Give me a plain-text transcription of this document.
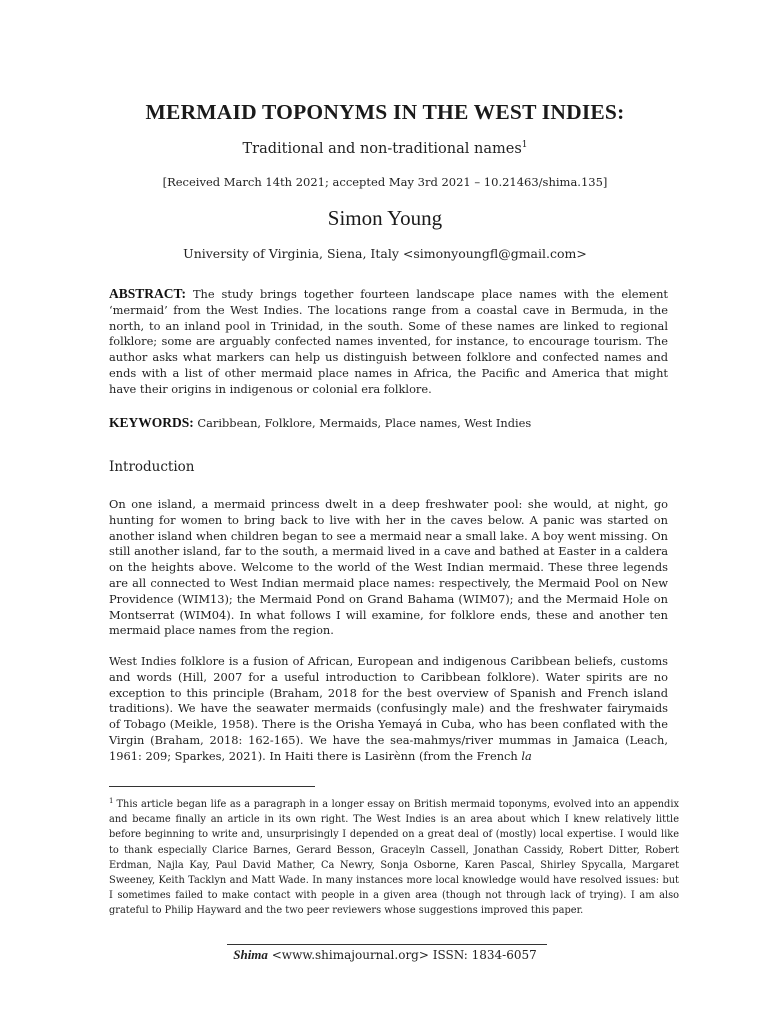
MERMAID TOPONYMS IN THE WEST INDIES:
Traditional and non-traditional names$^1$
[Received March 14th 2021; accepted May 3rd 2021 – 10.21463/shima.135]
Simon Young
University of Virginia, Siena, Italy <simonyoungfl@gmail.com>
ABSTRACT: The study brings together fourteen landscape place names with the element ‘mermaid’ from the West Indies. The locations range from a coastal cave in Bermuda, in the north, to an inland pool in Trinidad, in the south. Some of these names are linked to regional folklore; some are arguably confected names invented, for instance, to encourage tourism. The author asks what markers can help us distinguish between folklore and confected names and ends with a list of other mermaid place names in Africa, the Pacific and America that might have their origins in indigenous or colonial era folklore.
KEYWORDS: Caribbean, Folklore, Mermaids, Place names, West Indies
Introduction
On one island, a mermaid princess dwelt in a deep freshwater pool: she would, at night, go hunting for women to bring back to live with her in the caves below. A panic was started on another island when children began to see a mermaid near a small lake. A boy went missing. On still another island, far to the south, a mermaid lived in a cave and bathed at Easter in a caldera on the heights above. Welcome to the world of the West Indian mermaid. These three legends are all connected to West Indian mermaid place names: respectively, the Mermaid Pool on New Providence (WIM13); the Mermaid Pond on Grand Bahama (WIM07); and the Mermaid Hole on Montserrat (WIM04). In what follows I will examine, for folklore ends, these and another ten mermaid place names from the region.
West Indies folklore is a fusion of African, European and indigenous Caribbean beliefs, customs and words (Hill, 2007 for a useful introduction to Caribbean folklore). Water spirits are no exception to this principle (Braham, 2018 for the best overview of Spanish and French island traditions). We have the seawater mermaids (confusingly male) and the freshwater fairymaids of Tobago (Meikle, 1958). There is the Orisha Yemayá in Cuba, who has been conflated with the Virgin (Braham, 2018: 162-165). We have the sea-mahmys/river mummas in Jamaica (Leach, 1961: 209; Sparkes, 2021). In Haiti there is Lasirènn (from the French la
$^1$ This article began life as a paragraph in a longer essay on British mermaid toponyms, evolved into an appendix and became finally an article in its own right. The West Indies is an area about which I knew relatively little before beginning to write and, unsurprisingly I depended on a great deal of (mostly) local expertise. I would like to thank especially Clarice Barnes, Gerard Besson, Graceyln Cassell, Jonathan Cassidy, Robert Ditter, Robert Erdman, Najla Kay, Paul David Mather, Ca Newry, Sonja Osborne, Karen Pascal, Shirley Spycalla, Margaret Sweeney, Keith Tacklyn and Matt Wade. In many instances more local knowledge would have resolved issues: but I sometimes failed to make contact with people in a given area (though not through lack of trying). I am also grateful to Philip Hayward and the two peer reviewers whose suggestions improved this paper.
Shima <www.shimajournal.org> ISSN: 1834-6057
